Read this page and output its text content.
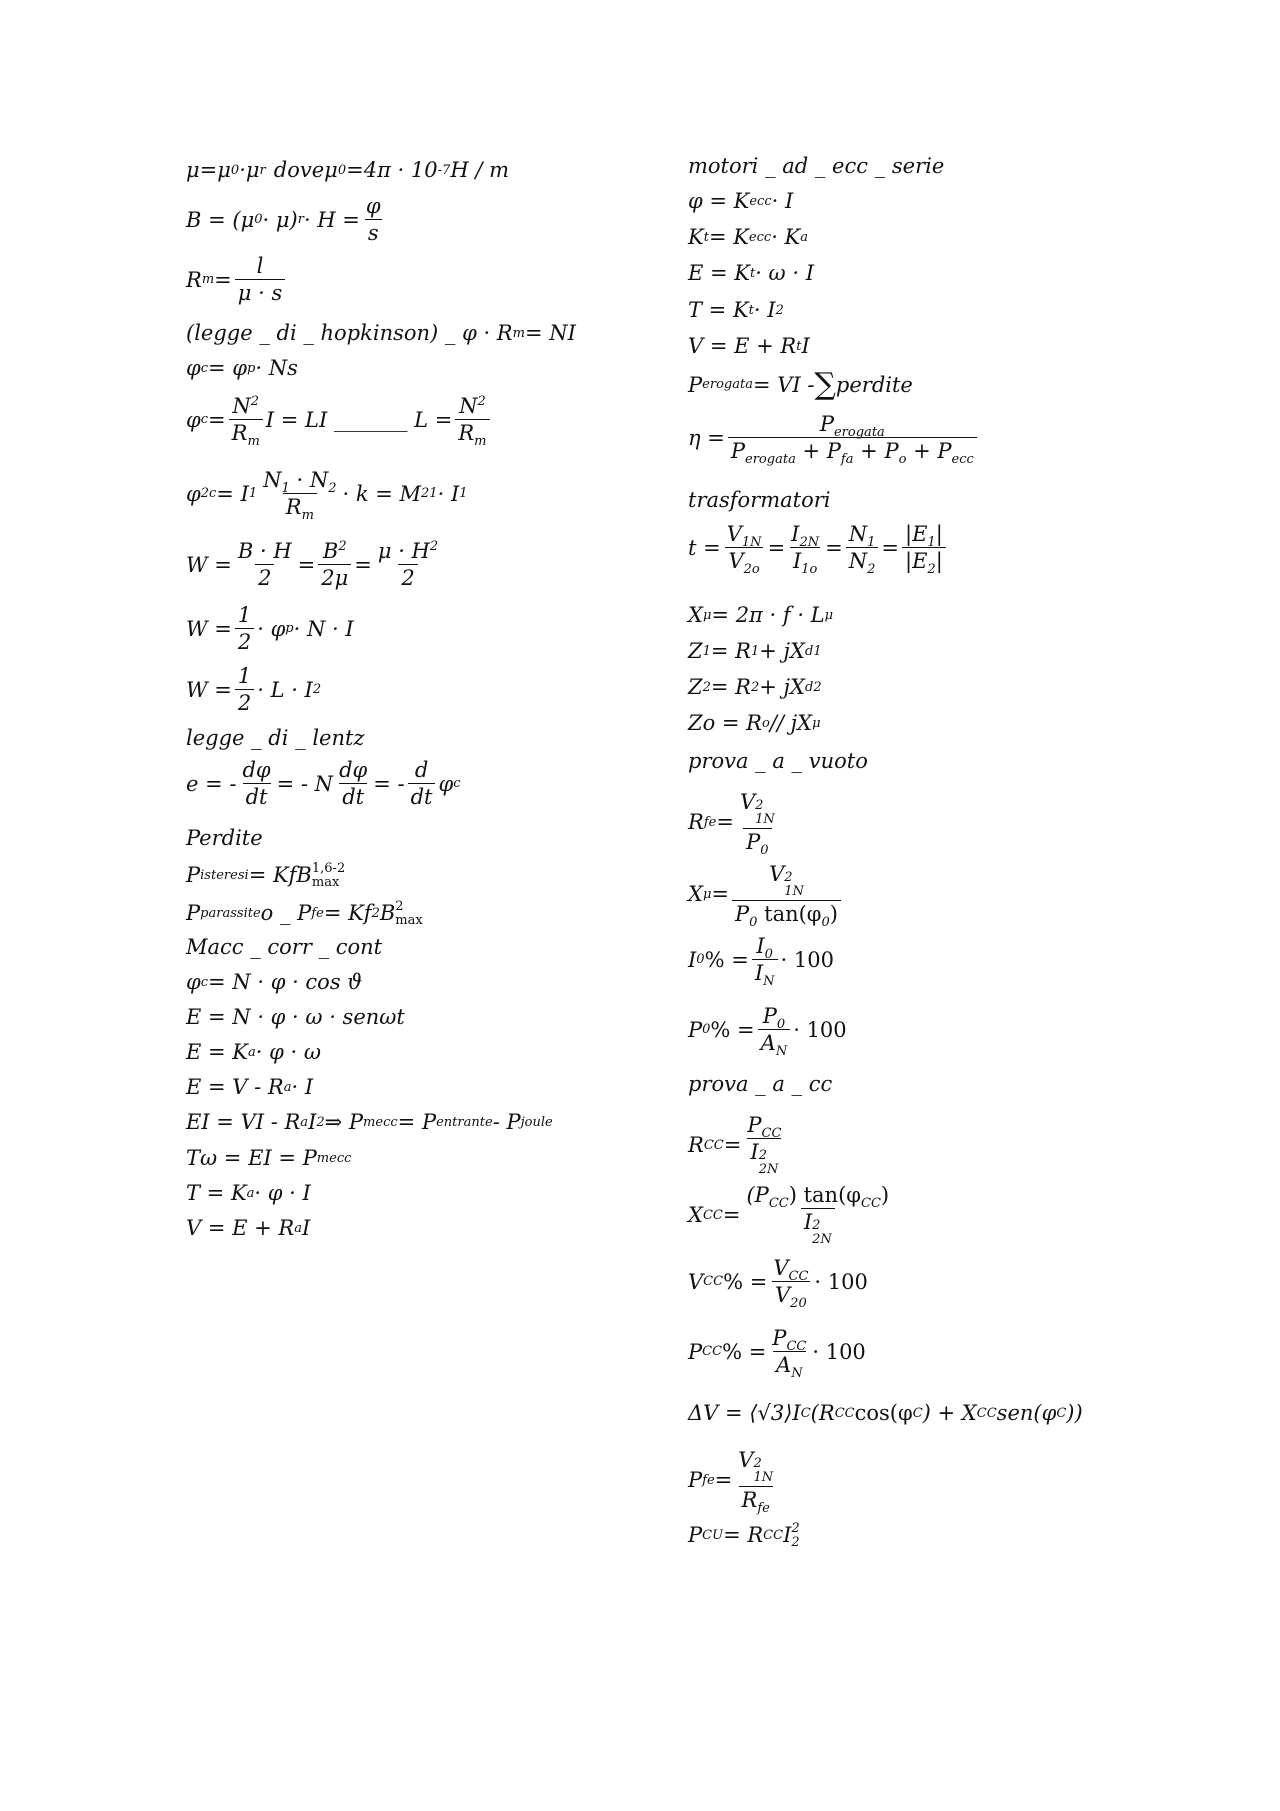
μ = μ 0 · μ r dove μ 0 = 4π · 10 -7 H / m
B = (μ 0 · μ) $r \cdot H = \frac{\varphi}{s}$
R $m = \frac{l}{\mu \cdot s}$
(legge _ di _ hopkinson) _ φ · R m = NI
φ c = φ p · Ns
φ $c = \frac{N^2}{R_m}$ I = LI _______ $L = \frac{N^2}{R_m}$
φ 2c = I $1 \frac{N_1 \cdot N_2}{R_m} \cdot k = M$ 21 · I 1
$W = \frac{B \cdot H}{2} = \frac{B^2}{2\mu} = \frac{\mu \cdot H^2}{2}$
$W = \frac{1}{2} \cdot \varphi$ p · N · I
$W = \frac{1}{2} \cdot L \cdot I$ 2
legge _ di _ lentz
e = - $\frac{d\varphi}{dt}$ = - N $\frac{d\varphi}{dt}$ = - $\frac{d}{dt}$ φ c
Perdite
P isteresi = KfB 1,6-2
max
P parassite o _ P fe = Kf 2 B 2
max
Macc _ corr _ cont
φ c = N · φ · cos ϑ
E = N · φ · ω · senωt
E = K a · φ · ω
E = V - R a · I
EI = VI - R a I 2 ⇒ P mecc = P entrante - P joule
Tω = EI = P mecc
T = K a · φ · I
V = E + R a I
motori _ ad _ ecc _ serie
φ = K ecc · I
K t = K ecc · K a
E = K t · ω · I
T = K t · I 2
V = E + R t I
P erogata = VI - ∑ perdite
$\eta = \frac{P_{erogata}}{P_{erogata} + P_{fa} + P_o + P_{ecc}}$
trasformatori
$t = \frac{V_{1N}}{V_{2o}} = \frac{I_{2N}}{I_{1o}} = \frac{N_1}{N_2} = \frac{|E_1|}{|E_2|}$
X μ = 2π · f · L μ
Z 1 = R 1 + jX d1
Z 2 = R 2 + jX d2
Zo = R o // jX μ
prova _ a _ vuoto
R fe = V 2
1N
$P_0$
X μ = V 2
1N
$P_0$ $\tan(\varphi_0)$
I 0 % = $\frac{I_0}{I_N} \cdot 100$
P 0 % = $\frac{P_0}{A_N} \cdot 100$
prova _ a _ cc
R CC = $P_{CC}$
I 2
2N
X CC = $(P_{CC})$ $\tan(\varphi_{CC})$
I 2
2N
V CC % = $\frac{V_{CC}}{V_{20}} \cdot 100$
P CC % = $\frac{P_{CC}}{A_N} \cdot 100$
ΔV = ⟨√3⟩I C (R CC cos(φ C ) + X CC sen(φ C ))
P fe = V 2
1N
$R_{fe}$
P CU = R CC I 2
2
